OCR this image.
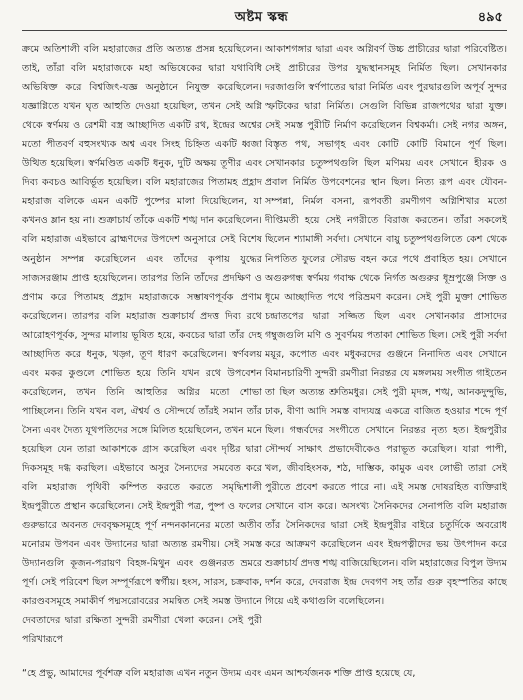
অষ্টম স্কন্ধ	৪৯৫

ক্রমে অতিশালী বলি মহারাজের প্রতি অত্যন্ত প্রসন্ন হয়েছিলেন। তাই, তাঁরা বলি মহারাজকে মহা অভিষেকের দ্বারা যথাবিধি অভিষিক্ত করে বিশ্বজিৎ-যজ্ঞ অনুষ্ঠানে নিযুক্ত করেছিলেন। যজ্ঞাগ্নিতে যখন ঘৃত আহুতি দেওয়া হয়েছিল, তখন সেই অগ্নি থেকে স্বর্ণময় ও রেশমী বস্ত্র আচ্ছাদিত একটি রথ, ইন্দ্রের অশ্বের মতো পীতবর্ণ বহুসংখ্যক অশ্ব এবং সিংহ চিহ্নিত একটি ধ্বজা উত্থিত হয়েছিল। স্বর্ণমণ্ডিত একটি ধনুক, দুটি অক্ষয় তূণীর এবং দিব্য কবচও আবির্ভূত হয়েছিল। বলি মহারাজের পিতামহ প্রহ্লাদ মহারাজ বলিকে এমন একটি পুষ্পের মালা দিয়েছিলেন, যা কখনও ম্লান হয় না। শুক্রাচার্য তাঁকে একটি শঙ্খ দান করেছিলেন। বলি মহারাজ এইভাবে ব্রাহ্মণদের উপদেশ অনুসারে সেই বিশেষ অনুষ্ঠান সম্পন্ন করেছিলেন এবং তাঁদের কৃপায় যুদ্ধের সাজসরঞ্জাম প্রাপ্ত হয়েছিলেন। তারপর তিনি তাঁদের প্রদক্ষিণ ও প্রণাম করে পিতামহ প্রহ্লাদ মহারাজকে সম্ভাষণপূর্বক প্রণাম করেছিলেন। তারপর বলি মহারাজ শুক্রাচার্য প্রদত্ত দিব্য রথে আরোহণপূর্বক, সুন্দর মালায় ভূষিত হয়ে, কবচের দ্বারা তাঁর দেহ আচ্ছাদিত করে ধনুক, খড়্গ, তূণ ধারণ করেছিলেন। স্বর্ণবলয় এবং মকর কুণ্ডলে শোভিত হয়ে তিনি যখন রথে উপবেশন করেছিলেন, তখন তিনি আহুতির অগ্নির মতো শোভা পাচ্ছিলেন। তিনি যখন বল, ঐশ্বর্য ও সৌন্দর্যে তাঁরই সমান তাঁর সৈন্য এবং দৈত্য যূথপতিদের সঙ্গে মিলিত হয়েছিলেন, তখন মনে হয়েছিল যেন তারা আকাশকে গ্রাস করেছিল এবং দৃষ্টির দ্বারা দিকসমূহ দগ্ধ করছিল। এইভাবে অসুর সৈন্যদের সমবেত করে বলি মহারাজ পৃথিবী কম্পিত করতে করতে সমৃদ্ধিশালী ইন্দ্রপুরীতে প্রস্থান করেছিলেন। সেই ইন্দ্রপুরী পত্র, পুষ্প ও ফলের গুরুভারে অবনত দেববৃক্ষসমূহে পূর্ণ নন্দনকাননের মতো অতীব মনোরম উপবন এবং উদ্যানের দ্বারা অত্যন্ত রমণীয়। সেই সমস্ত উদ্যানগুলি কূজন-পরায়ণ বিহঙ্গ-মিথুন এবং গুঞ্জনরত ভ্রমরে পূর্ণ। সেই পরিবেশ ছিল সম্পূর্ণরূপে স্বর্গীয়। হংস, সারস, চক্রবাক, কারণ্ডবসমূহে সমাকীর্ণ পদ্মসরোবরের সমন্বিত সেই সমস্ত উদ্যানে দেবতাদের দ্বারা রক্ষিতা সুন্দরী রমণীরা খেলা করেন। সেই পুরী পরিখারূপে

আকাশগঙ্গার দ্বারা এবং অগ্নিবর্ণ উচ্চ প্রাচীরের দ্বারা পরিবেষ্টিত। সেই প্রাচীরের উপর যুদ্ধস্থানসমূহ নির্মিত ছিল। সেখানকার দরজাগুলি স্বর্ণপাতের দ্বারা নির্মিত এবং পুরদ্বারগুলি অপূর্ব সুন্দর স্ফটিকের দ্বারা নির্মিত। সেগুলি বিভিন্ন রাজপথের দ্বারা যুক্ত। সেই সমস্ত পুরীটি নির্মাণ করেছিলেন বিশ্বকর্মা। সেই নগর অঙ্গন, বিস্তৃত পথ, সভাগৃহ এবং কোটি কোটি বিমানে পূর্ণ ছিল। সেখানকার চতুষ্পথগুলি ছিল মণিময় এবং সেখানে হীরক ও প্রবাল নির্মিত উপবেশনের স্থান ছিল। নিত্য রূপ এবং যৌবন-সম্পন্না, নির্মল বসনা, রূপবতী রমণীগণ অগ্নিশিখার মতো দীপ্তিমতী হয়ে সেই নগরীতে বিরাজ করতেন। তাঁরা সকলেই ছিলেন শ্যামাঙ্গী সর্বদা। সেখানে বায়ু চতুষ্পথগুলিতে কেশ থেকে নিপতিত ফুলের সৌরভ বহন করে পথে প্রবাহিত হয়। সেখানে অগুরুগন্ধ স্বর্ণময় গবাক্ষ থেকে নির্গত অগুরুর ধূম্রপুঞ্জে সিক্ত ও ধূমে আচ্ছাদিত পথে পরিভ্রমণ করেন। সেই পুরী মুক্তা শোভিত চন্দ্রাতপের দ্বারা সজ্জিত ছিল এবং সেখানকার প্রাসাদের গম্বুজগুলি মণি ও সুবর্ণময় পতাকা শোভিত ছিল। সেই পুরী সর্বদা ময়ূর, কপোত এবং মধুকরদের গুঞ্জনে নিনাদিত এবং সেখানে বিমানচারিণী সুন্দরী রমণীরা নিরন্তর যে মঙ্গলময় সংগীত গাইতেন তা ছিল অত্যন্ত শ্রুতিমধুর। সেই পুরী মৃদঙ্গ, শঙ্খ, আনকদুন্দুভি, ঢাক, বীণা আদি সমস্ত বাদ্যযন্ত্র একত্রে বাজিত হওয়ার শব্দে পূর্ণ ছিল। গন্ধর্বদের সংগীতে সেখানে নিরন্তর নৃত্য হত। ইন্দ্রপুরীর সৌন্দর্য সাক্ষাৎ প্রভাদেবীকেও পরাভূত করেছিল। যারা পাপী, খল, জীবহিংসক, শঠ, দাম্ভিক, কামুক এবং লোভী তারা সেই পুরীতে প্রবেশ করতে পারে না। এই সমস্ত দোষরহিত ব্যক্তিরাই সেখানে বাস করে। অসংখ্য সৈনিকদের সেনাপতি বলি মহারাজ তাঁর সৈনিকদের দ্বারা সেই ইন্দ্রপুরীর বাইরে চতুর্দিকে অবরোধ করে আক্রমণ করেছিলেন এবং ইন্দ্রপত্নীদের ভয় উৎপাদন করে শুক্রাচার্য প্রদত্ত শঙ্খ বাজিয়েছিলেন। বলি মহারাজের বিপুল উদ্যম দর্শন করে, দেবরাজ ইন্দ্র দেবগণ সহ তাঁর গুরু বৃহস্পতির কাছে গিয়ে এই কথাগুলি বলেছিলেন।

“হে প্রভু, আমাদের পূর্বশত্রু বলি মহারাজ এখন নতুন উদ্যম এবং এমন আশ্চর্যজনক শক্তি প্রাপ্ত হয়েছে যে,
